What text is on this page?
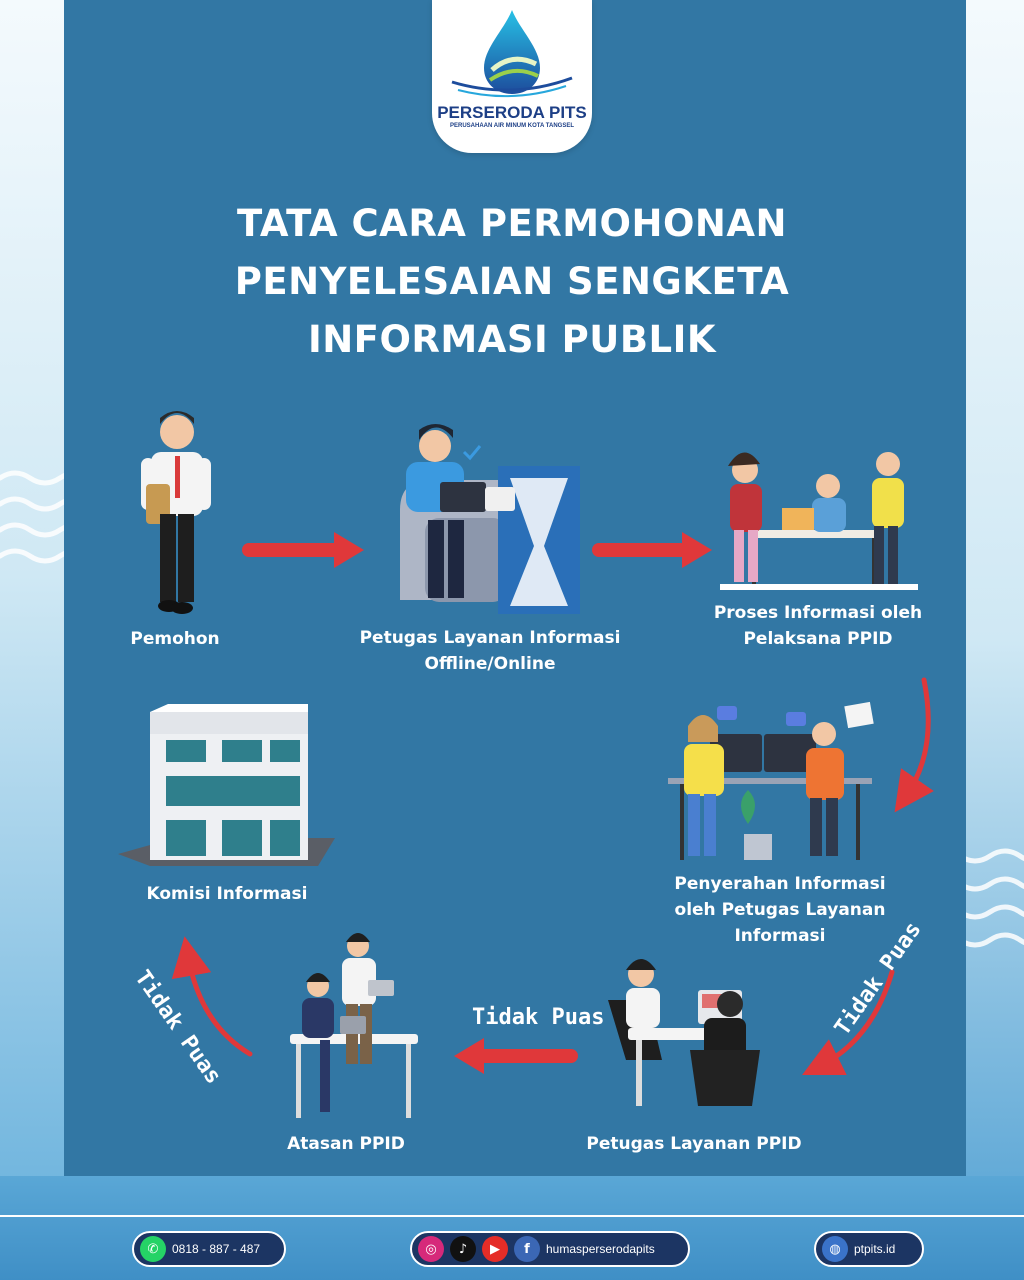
PERSERODA PITS
PERUSAHAAN AIR MINUM KOTA TANGSEL
TATA CARA PERMOHONAN
PENYELESAIAN SENGKETA
INFORMASI PUBLIK
Pemohon	Petugas Layanan Informasi
Offline/Online
Proses Informasi oleh
Pelaksana PPID
Penyerahan Informasi
oleh Petugas Layanan
Informasi
Komisi Informasi
Petugas Layanan PPID
Atasan PPID
Tidak Puas	Tidak Puas
Tidak Puas
✆	0818 - 887 - 487	◎	♪	▶	f	humasperserodapits	◍	ptpits.id
